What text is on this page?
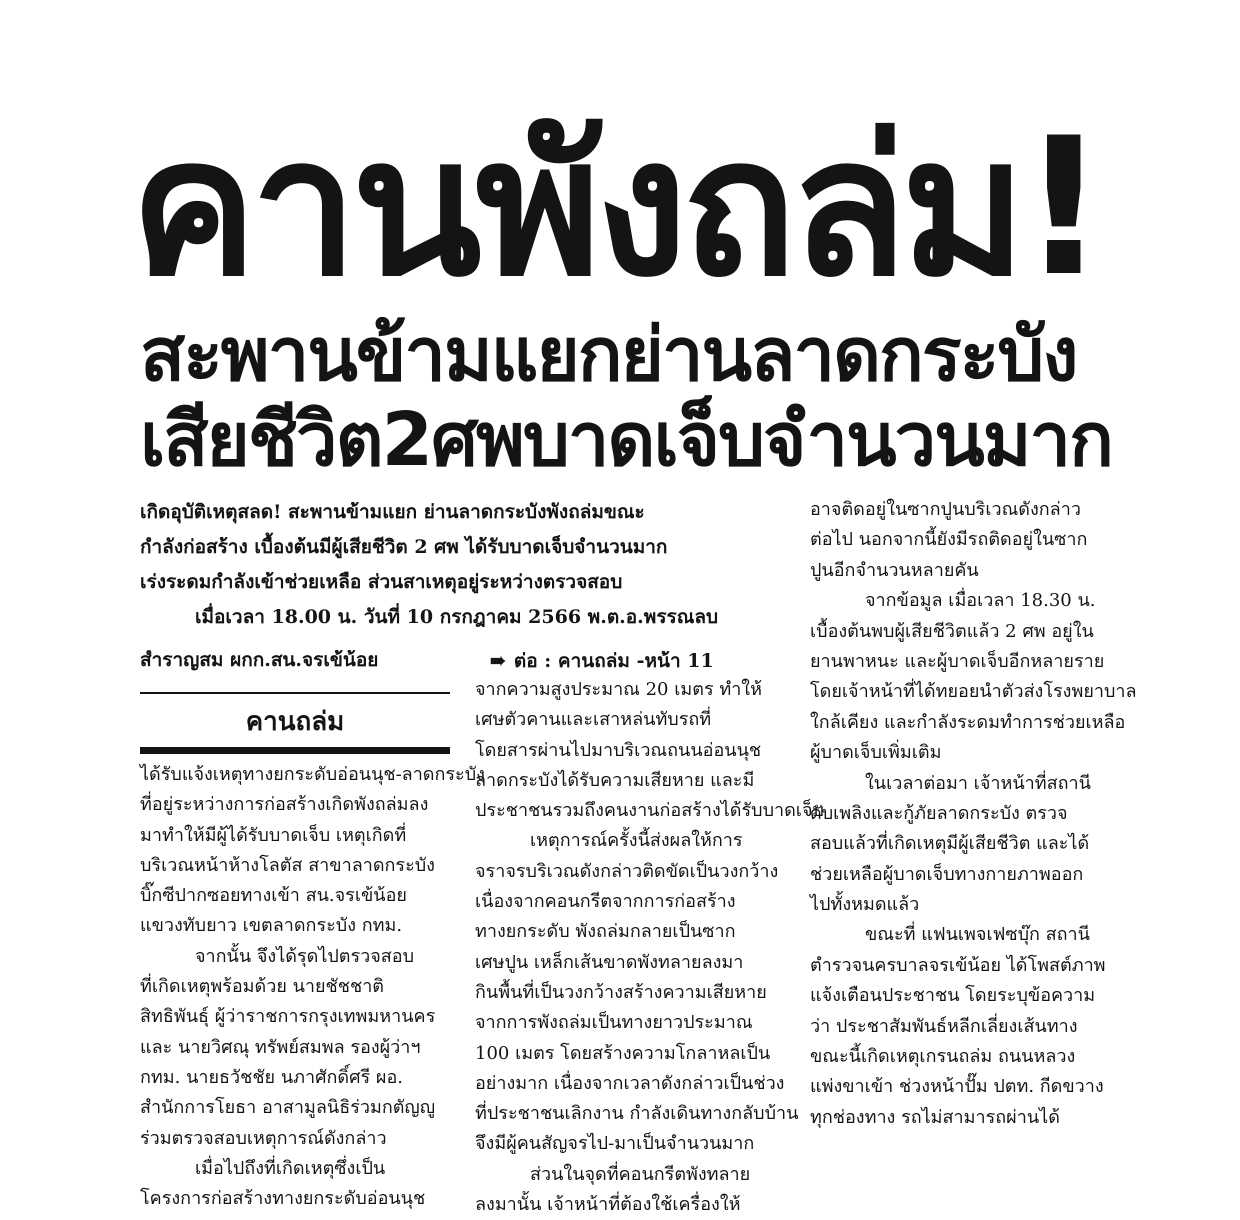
คานพังถล่ม!
สะพานข้ามแยกย่านลาดกระบัง
เสียชีวิต2ศพบาดเจ็บจำนวนมาก
เกิดอุบัติเหตุสลด! สะพานข้ามแยก ย่านลาดกระบังพังถล่มขณะ
กำลังก่อสร้าง เบื้องต้นมีผู้เสียชีวิต 2 ศพ ได้รับบาดเจ็บจำนวนมาก
เร่งระดมกำลังเข้าช่วยเหลือ ส่วนสาเหตุอยู่ระหว่างตรวจสอบ
เมื่อเวลา 18.00 น. วันที่ 10 กรกฎาคม 2566 พ.ต.อ.พรรณลบ
สำราญสม ผกก.สน.จรเข้น้อย	➠ ต่อ : คานถล่ม -หน้า 11
คานถล่ม
ได้รับแจ้งเหตุทางยกระดับอ่อนนุช-ลาดกระบัง
ที่อยู่ระหว่างการก่อสร้างเกิดพังถล่มลง
มาทำให้มีผู้ได้รับบาดเจ็บ เหตุเกิดที่
บริเวณหน้าห้างโลตัส สาขาลาดกระบัง
บิ๊กซีปากซอยทางเข้า สน.จรเข้น้อย
แขวงทับยาว เขตลาดกระบัง กทม.
จากนั้น จึงได้รุดไปตรวจสอบ
ที่เกิดเหตุพร้อมด้วย นายชัชชาติ
สิทธิพันธุ์ ผู้ว่าราชการกรุงเทพมหานคร
และ นายวิศณุ ทรัพย์สมพล รองผู้ว่าฯ
กทม. นายธวัชชัย นภาศักดิ์ศรี ผอ.
สำนักการโยธา อาสามูลนิธิร่วมกตัญญู
ร่วมตรวจสอบเหตุการณ์ดังกล่าว
เมื่อไปถึงที่เกิดเหตุซึ่งเป็น
โครงการก่อสร้างทางยกระดับอ่อนนุช
จากความสูงประมาณ 20 เมตร ทำให้
เศษตัวคานและเสาหล่นทับรถที่
โดยสารผ่านไปมาบริเวณถนนอ่อนนุช
ลาดกระบังได้รับความเสียหาย และมี
ประชาชนรวมถึงคนงานก่อสร้างได้รับบาดเจ็บ
เหตุการณ์ครั้งนี้ส่งผลให้การ
จราจรบริเวณดังกล่าวติดขัดเป็นวงกว้าง
เนื่องจากคอนกรีตจากการก่อสร้าง
ทางยกระดับ พังถล่มกลายเป็นซาก
เศษปูน เหล็กเส้นขาดพังทลายลงมา
กินพื้นที่เป็นวงกว้างสร้างความเสียหาย
จากการพังถล่มเป็นทางยาวประมาณ
100 เมตร โดยสร้างความโกลาหลเป็น
อย่างมาก เนื่องจากเวลาดังกล่าวเป็นช่วง
ที่ประชาชนเลิกงาน กำลังเดินทางกลับบ้าน
จึงมีผู้คนสัญจรไป-มาเป็นจำนวนมาก
ส่วนในจุดที่คอนกรีตพังทลาย
ลงมานั้น เจ้าหน้าที่ต้องใช้เครื่องให้
อาจติดอยู่ในซากปูนบริเวณดังกล่าว
ต่อไป นอกจากนี้ยังมีรถติดอยู่ในซาก
ปูนอีกจำนวนหลายคัน
จากข้อมูล เมื่อเวลา 18.30 น.
เบื้องต้นพบผู้เสียชีวิตแล้ว 2 ศพ อยู่ใน
ยานพาหนะ และผู้บาดเจ็บอีกหลายราย
โดยเจ้าหน้าที่ได้ทยอยนำตัวส่งโรงพยาบาล
ใกล้เคียง และกำลังระดมทำการช่วยเหลือ
ผู้บาดเจ็บเพิ่มเติม
ในเวลาต่อมา เจ้าหน้าที่สถานี
ดับเพลิงและกู้ภัยลาดกระบัง ตรวจ
สอบแล้วที่เกิดเหตุมีผู้เสียชีวิต และได้
ช่วยเหลือผู้บาดเจ็บทางกายภาพออก
ไปทั้งหมดแล้ว
ขณะที่ แฟนเพจเฟซบุ๊ก สถานี
ตำรวจนครบาลจรเข้น้อย ได้โพสต์ภาพ
แจ้งเตือนประชาชน โดยระบุข้อความ
ว่า ประชาสัมพันธ์หลีกเลี่ยงเส้นทาง
ขณะนี้เกิดเหตุเกรนถล่ม ถนนหลวง
แพ่งขาเข้า ช่วงหน้าปั๊ม ปตท. กีดขวาง
ทุกช่องทาง รถไม่สามารถผ่านได้
